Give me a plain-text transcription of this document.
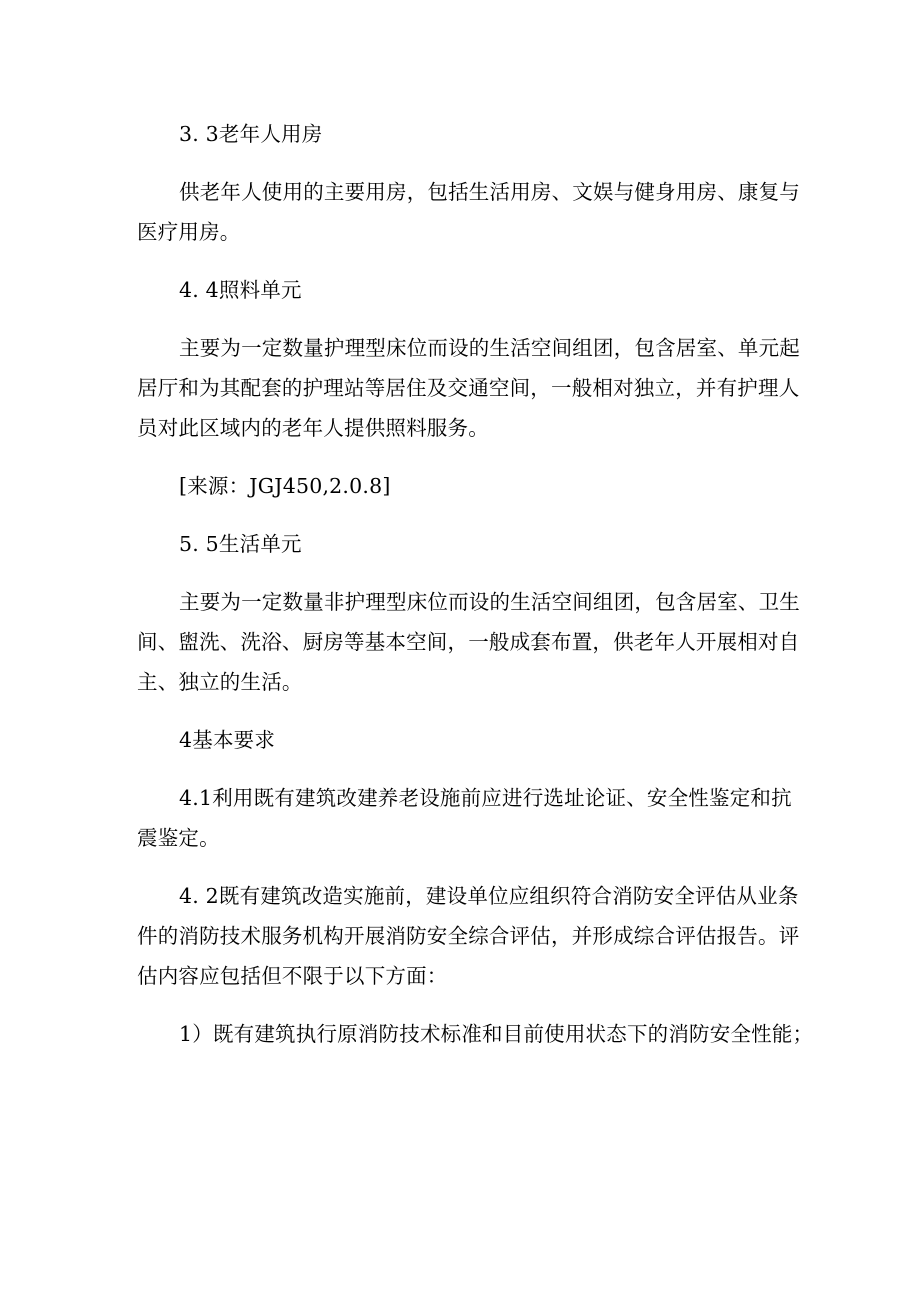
3. 3老年人用房

供老年人使用的主要用房，包括生活用房、文娱与健身用房、康复与

医疗用房。

4. 4照料单元

主要为一定数量护理型床位而设的生活空间组团，包含居室、单元起

居厅和为其配套的护理站等居住及交通空间，一般相对独立，并有护理人

员对此区域内的老年人提供照料服务。

[来源：JGJ450,2.0.8]

5. 5生活单元

主要为一定数量非护理型床位而设的生活空间组团，包含居室、卫生

间、盥洗、洗浴、厨房等基本空间，一般成套布置，供老年人开展相对自

主、独立的生活。

4基本要求

4.1利用既有建筑改建养老设施前应进行选址论证、安全性鉴定和抗

震鉴定。

4. 2既有建筑改造实施前，建设单位应组织符合消防安全评估从业条

件的消防技术服务机构开展消防安全综合评估，并形成综合评估报告。评

估内容应包括但不限于以下方面：

1）既有建筑执行原消防技术标准和目前使用状态下的消防安全性能；
